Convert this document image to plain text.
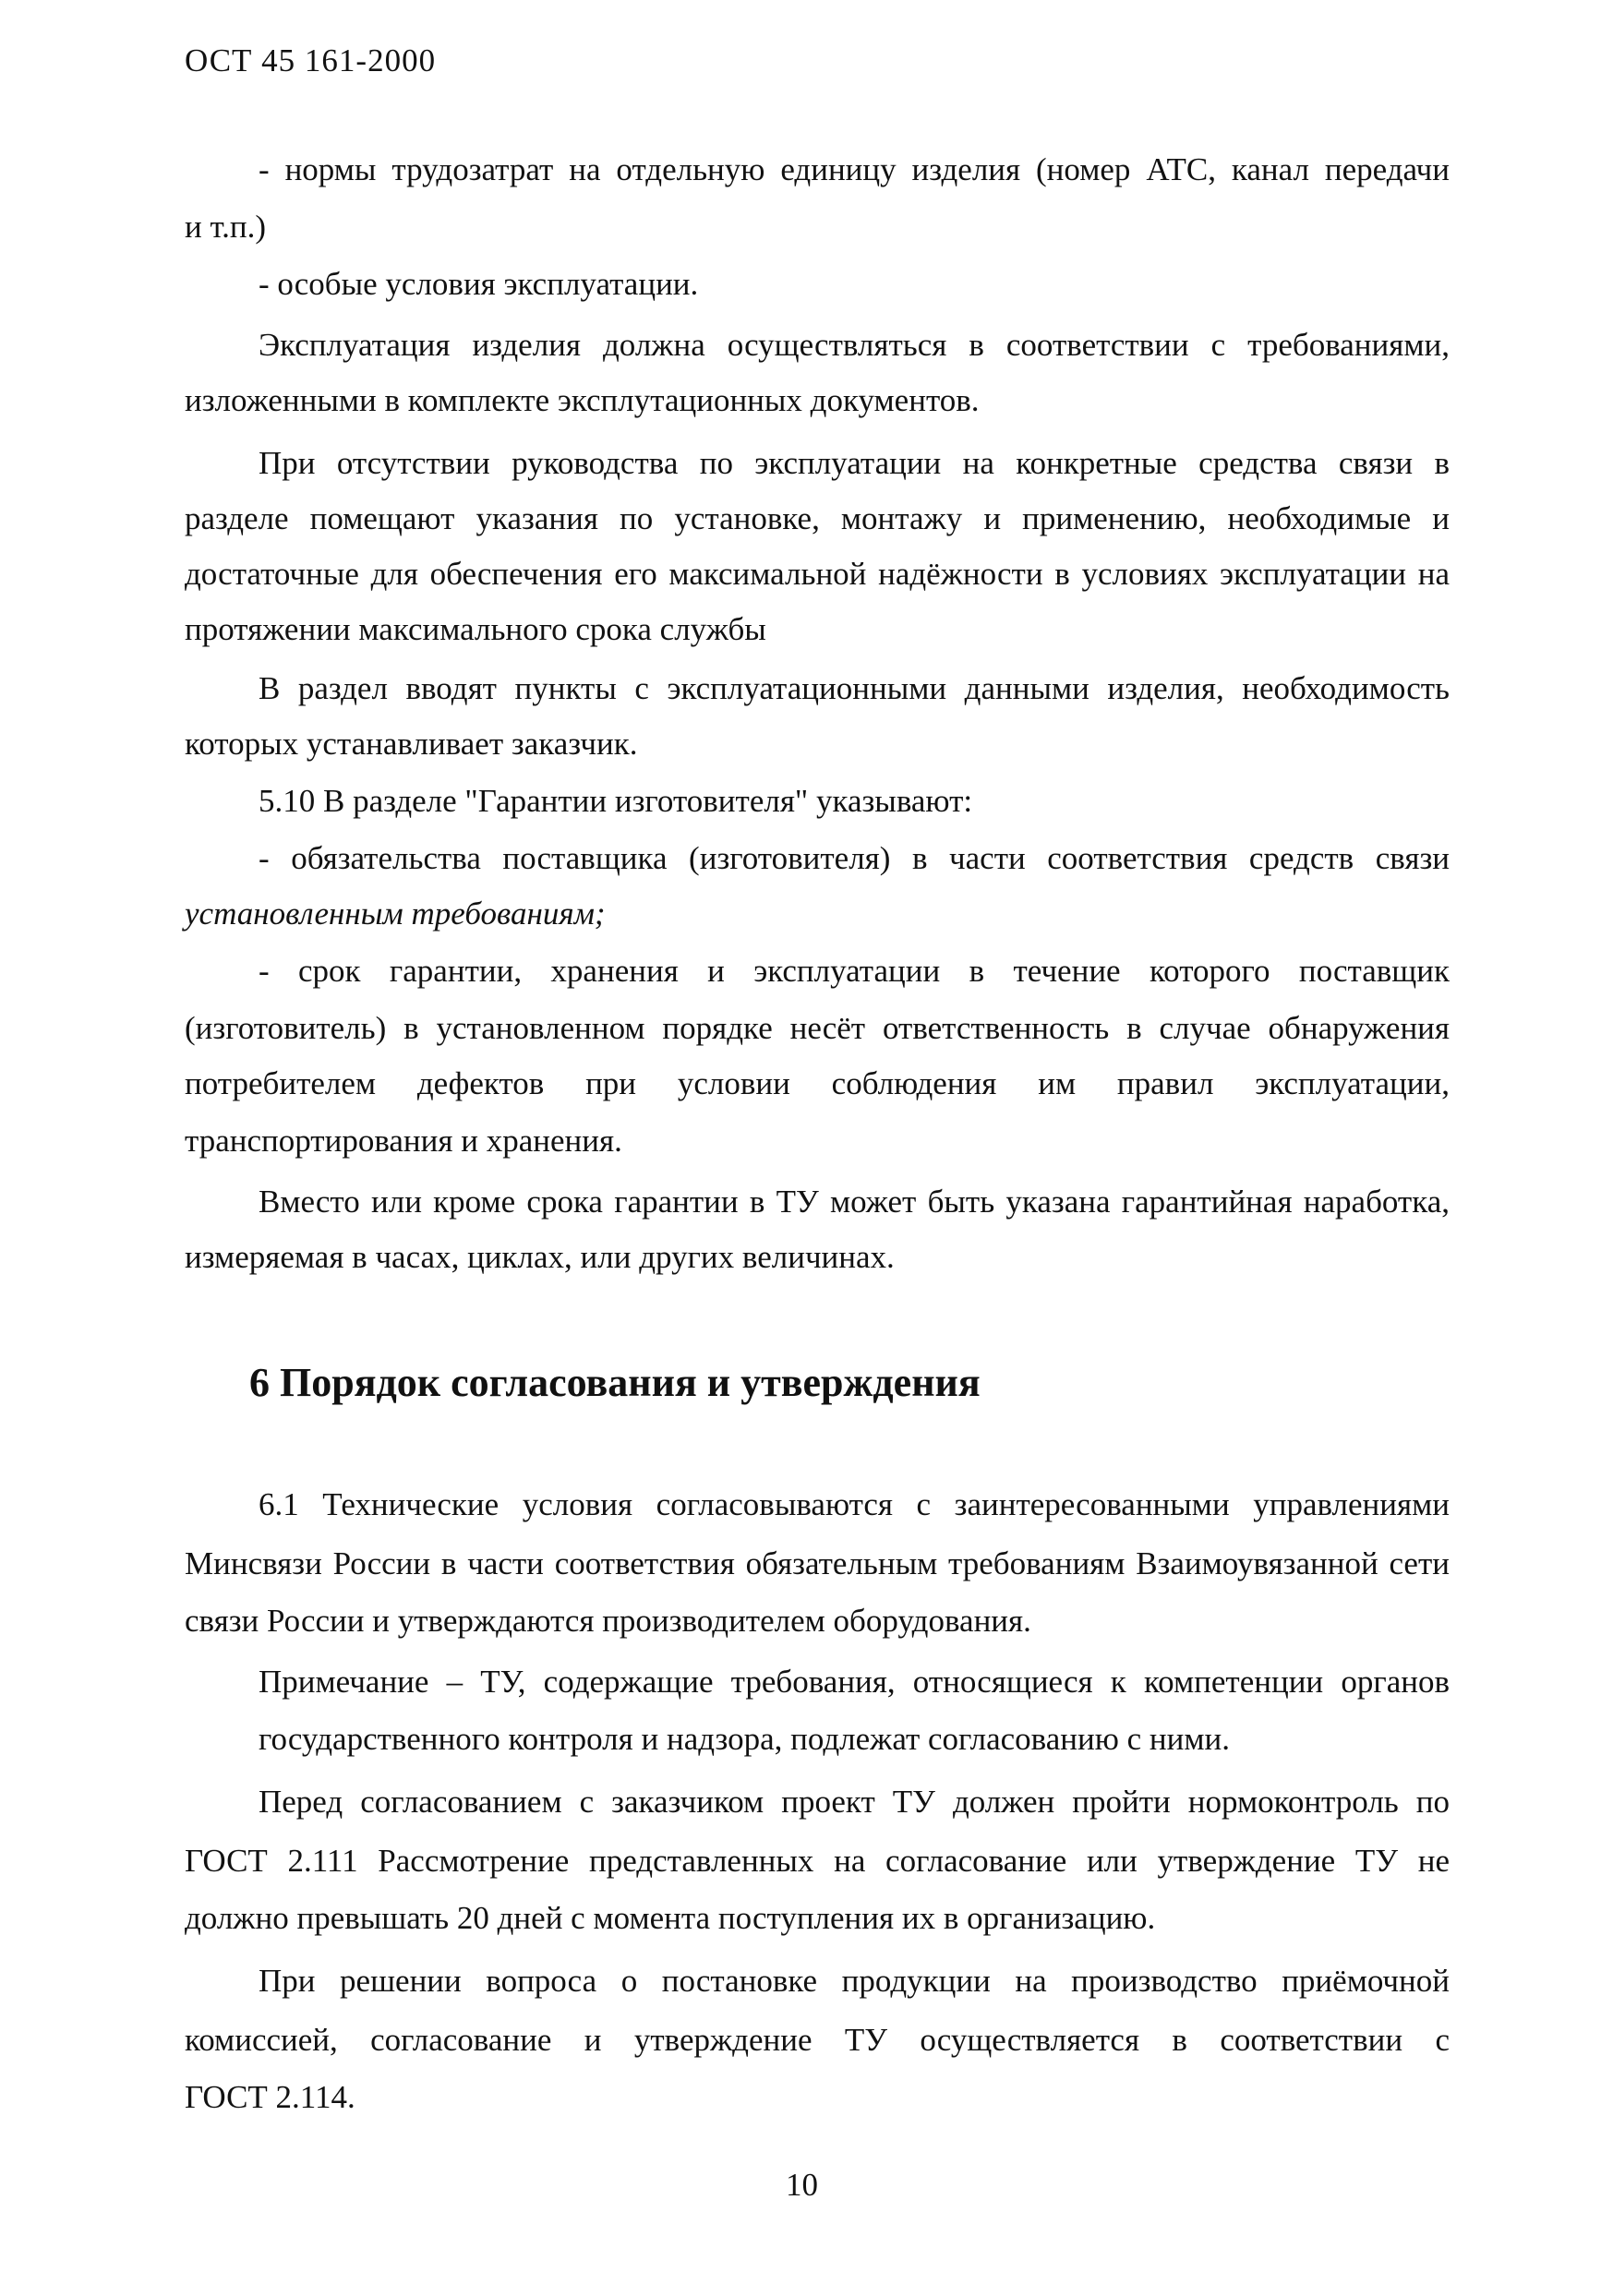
ОСТ 45 161-2000
- нормы трудозатрат на отдельную единицу изделия (номер АТС, канал передачи
и т.п.)
- особые условия эксплуатации.
Эксплуатация изделия должна осуществляться в соответствии с требованиями,
изложенными в комплекте эксплутационных документов.
При отсутствии руководства по эксплуатации на конкретные средства связи в
разделе помещают указания по установке, монтажу и применению, необходимые и
достаточные для обеспечения его максимальной надёжности в условиях эксплуатации на
протяжении максимального срока службы
В раздел вводят пункты с эксплуатационными данными изделия, необходимость
которых устанавливает заказчик.
5.10 В разделе "Гарантии изготовителя" указывают:
- обязательства поставщика (изготовителя) в части соответствия средств связи
установленным требованиям;
- срок гарантии, хранения и эксплуатации в течение которого поставщик
(изготовитель) в установленном порядке несёт ответственность в случае обнаружения
потребителем дефектов при условии соблюдения им правил эксплуатации,
транспортирования и хранения.
Вместо или кроме срока гарантии в ТУ может быть указана гарантийная наработка,
измеряемая в часах, циклах, или других величинах.
6 Порядок согласования и утверждения
6.1 Технические условия согласовываются с заинтересованными управлениями
Минсвязи России в части соответствия обязательным требованиям Взаимоувязанной сети
связи России и утверждаются производителем оборудования.
Примечание – ТУ, содержащие требования, относящиеся к компетенции органов
государственного контроля и надзора, подлежат согласованию с ними.
Перед согласованием с заказчиком проект ТУ должен пройти нормоконтроль по
ГОСТ 2.111 Рассмотрение представленных на согласование или утверждение ТУ не
должно превышать 20 дней с момента поступления их в организацию.
При решении вопроса о постановке продукции на производство приёмочной
комиссией, согласование и утверждение ТУ осуществляется в соответствии с
ГОСТ 2.114.
10
